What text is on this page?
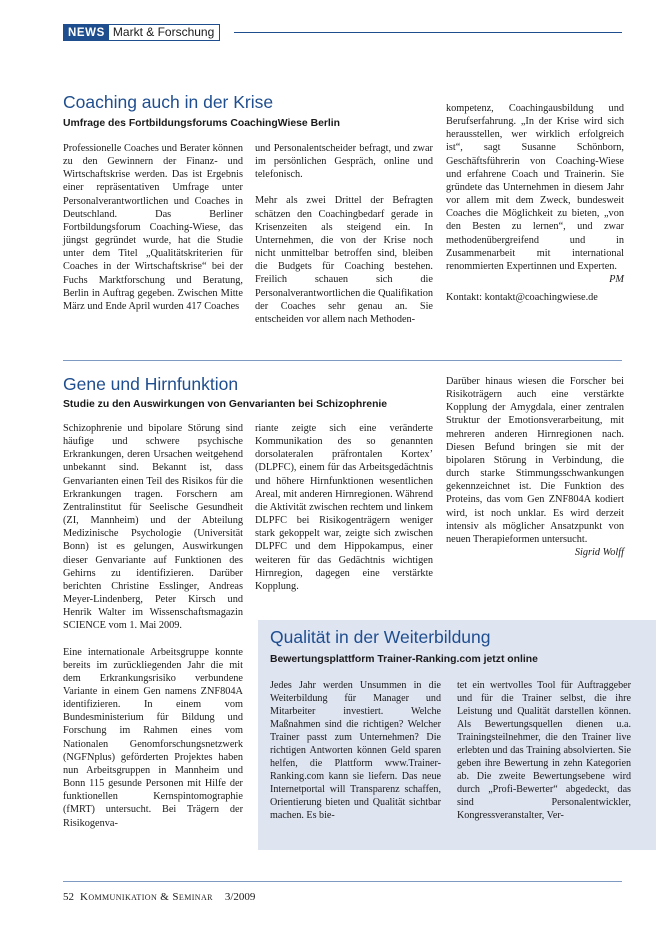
NEWS Markt & Forschung
Coaching auch in der Krise
Umfrage des Fortbildungsforums CoachingWiese Berlin

Professionelle Coaches und Berater können zu den Gewinnern der Finanz- und Wirtschaftskrise werden. Das ist Ergebnis einer repräsentativen Umfrage unter Personalverantwortlichen und Coaches in Deutschland. Das Berliner Fortbildungsforum Coaching-Wiese, das jüngst gegründet wurde, hat die Studie unter dem Titel „Qualitätskriterien für Coaches in der Wirtschaftskrise“ bei der Fuchs Marktforschung und Beratung, Berlin in Auftrag gegeben. Zwischen Mitte März und Ende April wurden 417 Coaches

und Personalentscheider befragt, und zwar im persönlichen Gespräch, online und telefonisch.

Mehr als zwei Drittel der Befragten schätzen den Coachingbedarf gerade in Krisenzeiten als steigend ein. In Unternehmen, die von der Krise noch nicht unmittelbar betroffen sind, bleiben die Budgets für Coaching bestehen. Freilich schauen sich die Personalverantwortlichen die Qualifikation der Coaches sehr genau an. Sie entscheiden vor allem nach Methoden-

kompetenz, Coachingausbildung und Berufserfahrung. „In der Krise wird sich herausstellen, wer wirklich erfolgreich ist“, sagt Susanne Schönborn, Geschäftsführerin von Coaching-Wiese und erfahrene Coach und Trainerin. Sie gründete das Unternehmen in diesem Jahr vor allem mit dem Zweck, bundesweit Coaches die Möglichkeit zu bieten, „von den Besten zu lernen“, und zwar methodenübergreifend und in Zusammenarbeit mit international renommierten Expertinnen und Experten.

PM

Kontakt: kontakt@coachingwiese.de

Gene und Hirnfunktion
Studie zu den Auswirkungen von Genvarianten bei Schizophrenie

Schizophrenie und bipolare Störung sind häufige und schwere psychische Erkrankungen, deren Ursachen weitgehend unbekannt sind. Bekannt ist, dass Genvarianten einen Teil des Risikos für die Erkrankungen tragen. Forschern am Zentralinstitut für Seelische Gesundheit (ZI, Mannheim) und der Abteilung Medizinische Psychologie (Universität Bonn) ist es gelungen, Auswirkungen dieser Genvariante auf Funktionen des Gehirns zu identifizieren. Darüber berichten Christine Esslinger, Andreas Meyer-Lindenberg, Peter Kirsch und Henrik Walter im Wissenschaftsmagazin SCIENCE vom 1. Mai 2009.

Eine internationale Arbeitsgruppe konnte bereits im zurückliegenden Jahr die mit dem Erkrankungsrisiko verbundene Variante in einem Gen namens ZNF804A identifizieren. In einem vom Bundesministerium für Bildung und Forschung im Rahmen eines vom Nationalen Genomforschungsnetzwerk (NGFNplus) geförderten Projektes haben nun Arbeitsgruppen in Mannheim und Bonn 115 gesunde Personen mit Hilfe der funktionellen Kernspintomographie (fMRT) untersucht. Bei Trägern der Risikogenva-

riante zeigte sich eine veränderte Kommunikation des so genannten dorsolateralen präfrontalen Kortex’ (DLPFC), einem für das Arbeitsgedächtnis und höhere Hirnfunktionen wesentlichen Areal, mit anderen Hirnregionen. Während die Aktivität zwischen rechtem und linkem DLPFC bei Risikogenträgern weniger stark gekoppelt war, zeigte sich zwischen DLPFC und dem Hippokampus, einer weiteren für das Gedächtnis wichtigen Hirnregion, dagegen eine verstärkte Kopplung.

Darüber hinaus wiesen die Forscher bei Risikoträgern auch eine verstärkte Kopplung der Amygdala, einer zentralen Struktur der Emotionsverarbeitung, mit mehreren anderen Hirnregionen nach. Diesen Befund bringen sie mit der bipolaren Störung in Verbindung, die durch starke Stimmungsschwankungen gekennzeichnet ist. Die Funktion des Proteins, das vom Gen ZNF804A kodiert wird, ist noch unklar. Es wird derzeit intensiv als möglicher Ansatzpunkt von neuen Therapieformen untersucht.

Sigrid Wolff
Qualität in der Weiterbildung
Bewertungsplattform Trainer-Ranking.com jetzt online

Jedes Jahr werden Unsummen in die Weiterbildung für Manager und Mitarbeiter investiert. Welche Maßnahmen sind die richtigen? Welcher Trainer passt zum Unternehmen? Die richtigen Antworten können Geld sparen helfen, die Plattform www.Trainer-Ranking.com kann sie liefern. Das neue Internetportal will Transparenz schaffen, Orientierung bieten und Qualität sichtbar machen. Es bie-

tet ein wertvolles Tool für Auftraggeber und für die Trainer selbst, die ihre Leistung und Qualität darstellen können. Als Bewertungsquellen dienen u.a. Trainingsteilnehmer, die den Trainer live erlebten und das Training absolvierten. Sie geben ihre Bewertung in zehn Kategorien ab. Die zweite Bewertungsebene wird durch „Profi-Bewerter“ abgedeckt, das sind Personalentwickler, Kongressveranstalter, Ver-

52 Kommunikation & Seminar 3/2009
